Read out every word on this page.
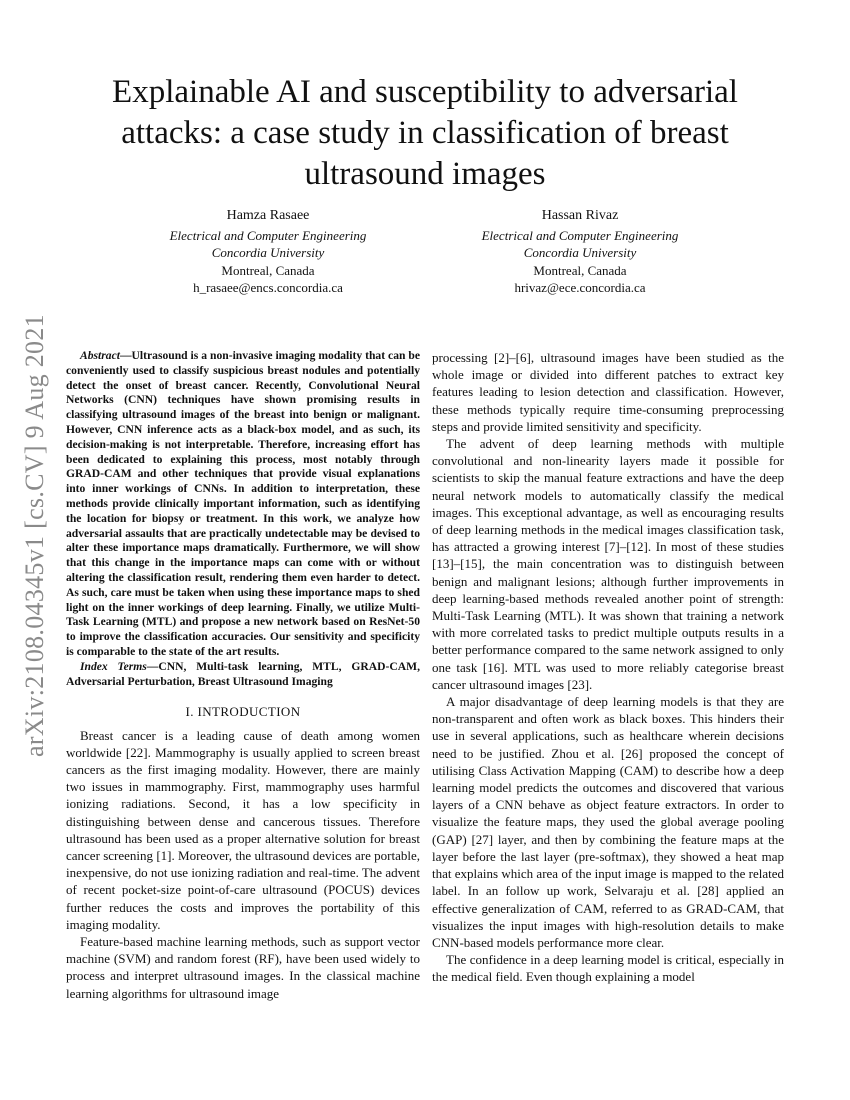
arXiv:2108.04345v1 [cs.CV] 9 Aug 2021
Explainable AI and susceptibility to adversarial attacks: a case study in classification of breast ultrasound images
Hamza Rasaee
Electrical and Computer Engineering
Concordia University
Montreal, Canada
h_rasaee@encs.concordia.ca
Hassan Rivaz
Electrical and Computer Engineering
Concordia University
Montreal, Canada
hrivaz@ece.concordia.ca

Abstract—Ultrasound is a non-invasive imaging modality that can be conveniently used to classify suspicious breast nodules and potentially detect the onset of breast cancer. Recently, Convolutional Neural Networks (CNN) techniques have shown promising results in classifying ultrasound images of the breast into benign or malignant. However, CNN inference acts as a black-box model, and as such, its decision-making is not interpretable. Therefore, increasing effort has been dedicated to explaining this process, most notably through GRAD-CAM and other techniques that provide visual explanations into inner workings of CNNs. In addition to interpretation, these methods provide clinically important information, such as identifying the location for biopsy or treatment. In this work, we analyze how adversarial assaults that are practically undetectable may be devised to alter these importance maps dramatically. Furthermore, we will show that this change in the importance maps can come with or without altering the classification result, rendering them even harder to detect. As such, care must be taken when using these importance maps to shed light on the inner workings of deep learning. Finally, we utilize Multi-Task Learning (MTL) and propose a new network based on ResNet-50 to improve the classification accuracies. Our sensitivity and specificity is comparable to the state of the art results.

Index Terms—CNN, Multi-task learning, MTL, GRAD-CAM, Adversarial Perturbation, Breast Ultrasound Imaging

I. INTRODUCTION

Breast cancer is a leading cause of death among women worldwide [22]. Mammography is usually applied to screen breast cancers as the first imaging modality. However, there are mainly two issues in mammography. First, mammography uses harmful ionizing radiations. Second, it has a low specificity in distinguishing between dense and cancerous tissues. Therefore ultrasound has been used as a proper alternative solution for breast cancer screening [1]. Moreover, the ultrasound devices are portable, inexpensive, do not use ionizing radiation and real-time. The advent of recent pocket-size point-of-care ultrasound (POCUS) devices further reduces the costs and improves the portability of this imaging modality.

Feature-based machine learning methods, such as support vector machine (SVM) and random forest (RF), have been used widely to process and interpret ultrasound images. In the classical machine learning algorithms for ultrasound image

processing [2]–[6], ultrasound images have been studied as the whole image or divided into different patches to extract key features leading to lesion detection and classification. However, these methods typically require time-consuming preprocessing steps and provide limited sensitivity and specificity.

The advent of deep learning methods with multiple convolutional and non-linearity layers made it possible for scientists to skip the manual feature extractions and have the deep neural network models to automatically classify the medical images. This exceptional advantage, as well as encouraging results of deep learning methods in the medical images classification task, has attracted a growing interest [7]–[12]. In most of these studies [13]–[15], the main concentration was to distinguish between benign and malignant lesions; although further improvements in deep learning-based methods revealed another point of strength: Multi-Task Learning (MTL). It was shown that training a network with more correlated tasks to predict multiple outputs results in a better performance compared to the same network assigned to only one task [16]. MTL was used to more reliably categorise breast cancer ultrasound images [23].

A major disadvantage of deep learning models is that they are non-transparent and often work as black boxes. This hinders their use in several applications, such as healthcare wherein decisions need to be justified. Zhou et al. [26] proposed the concept of utilising Class Activation Mapping (CAM) to describe how a deep learning model predicts the outcomes and discovered that various layers of a CNN behave as object feature extractors. In order to visualize the feature maps, they used the global average pooling (GAP) [27] layer, and then by combining the feature maps at the layer before the last layer (pre-softmax), they showed a heat map that explains which area of the input image is mapped to the related label. In an follow up work, Selvaraju et al. [28] applied an effective generalization of CAM, referred to as GRAD-CAM, that visualizes the input images with high-resolution details to make CNN-based models performance more clear.

The confidence in a deep learning model is critical, especially in the medical field. Even though explaining a model
